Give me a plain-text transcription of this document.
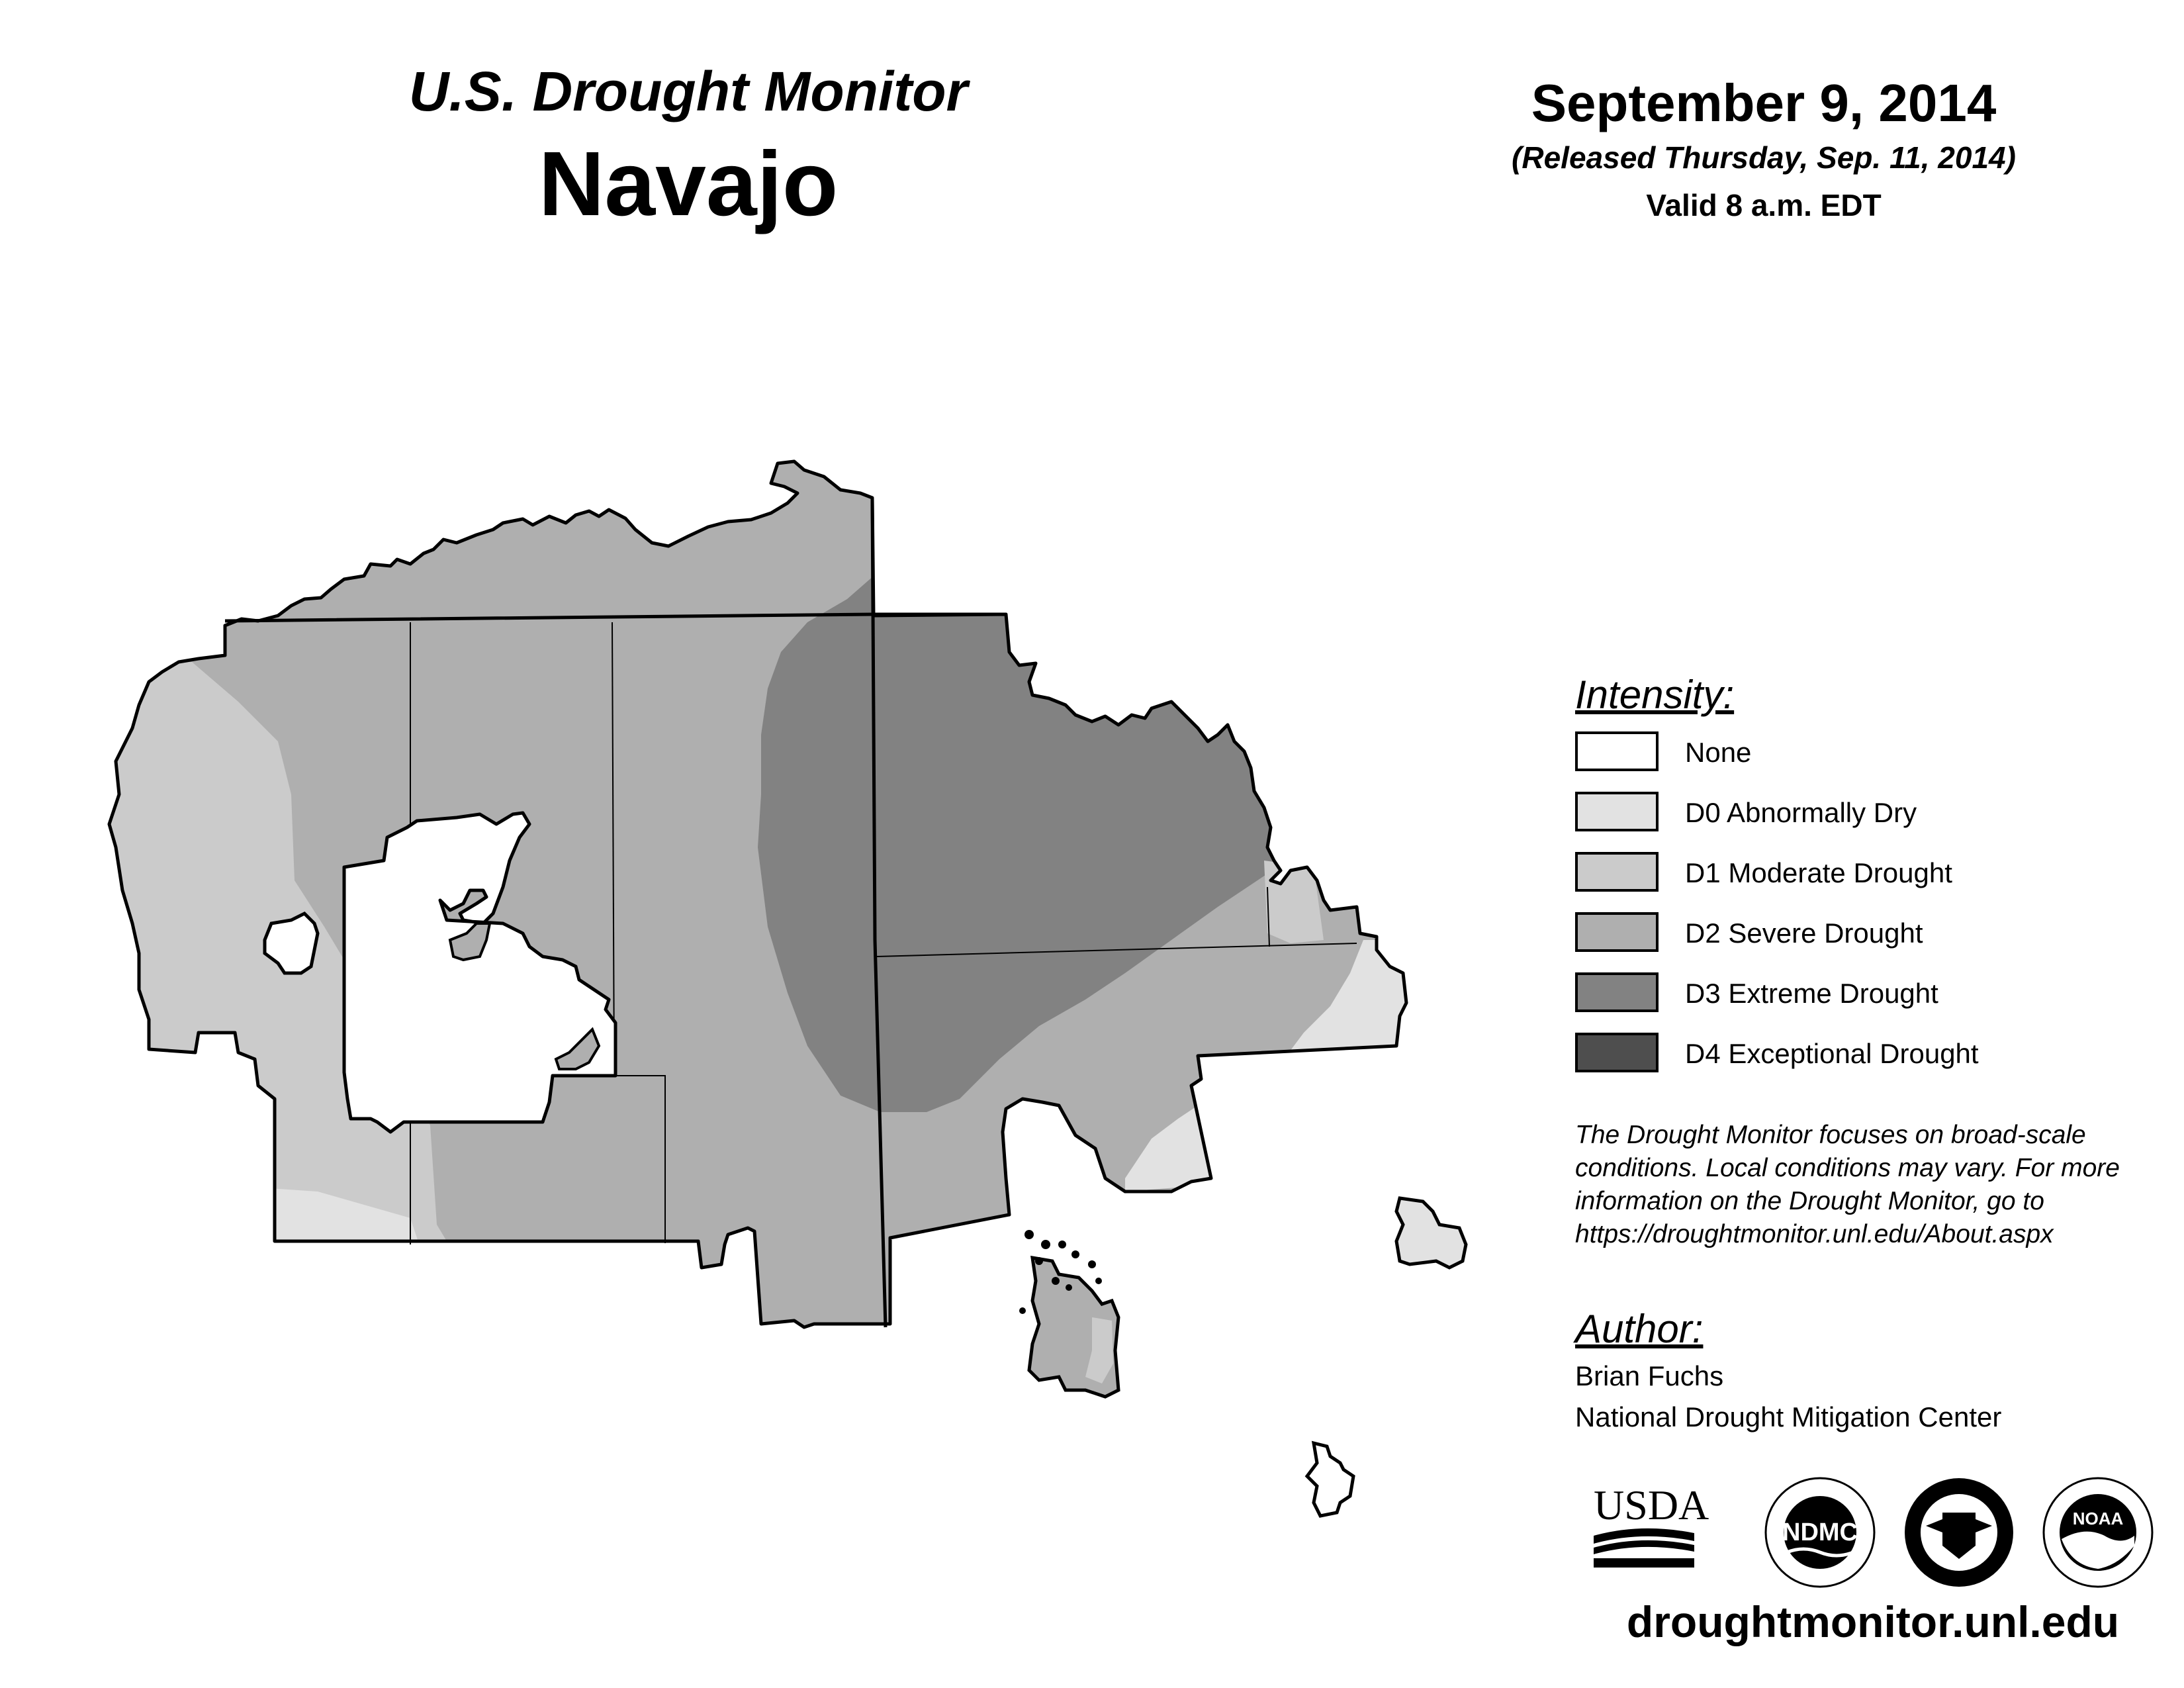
U.S. Drought Monitor
Navajo
September 9, 2014
(Released Thursday, Sep. 11, 2014)
Valid 8 a.m. EDT
Intensity:
None
D0 Abnormally Dry
D1 Moderate Drought
D2 Severe Drought
D3 Extreme Drought
D4 Exceptional Drought
The Drought Monitor focuses on broad-scale
conditions. Local conditions may vary. For more
information on the Drought Monitor, go to
https://droughtmonitor.unl.edu/About.aspx
Author:
Brian Fuchs
National Drought Mitigation Center
USDA
NDMC	NOAA
droughtmonitor.unl.edu
